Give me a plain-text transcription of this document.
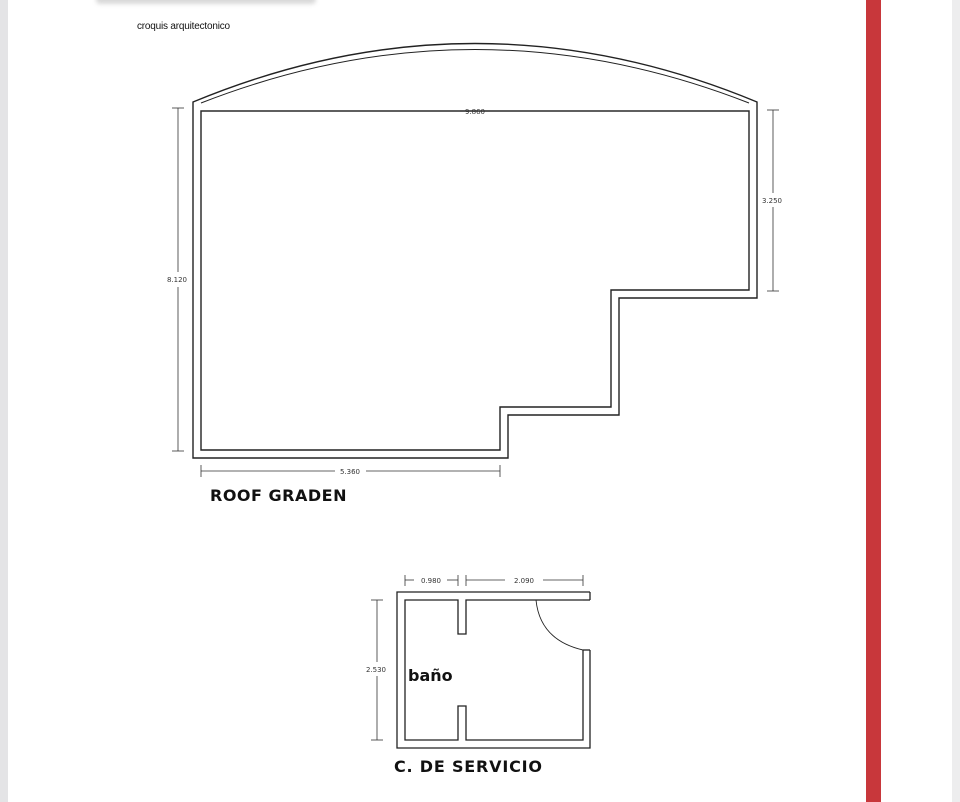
croquis arquitectonico
9.860
3.250
8.120
5.360
ROOF GRADEN
0.980	2.090
2.530 baño
C. DE SERVICIO
